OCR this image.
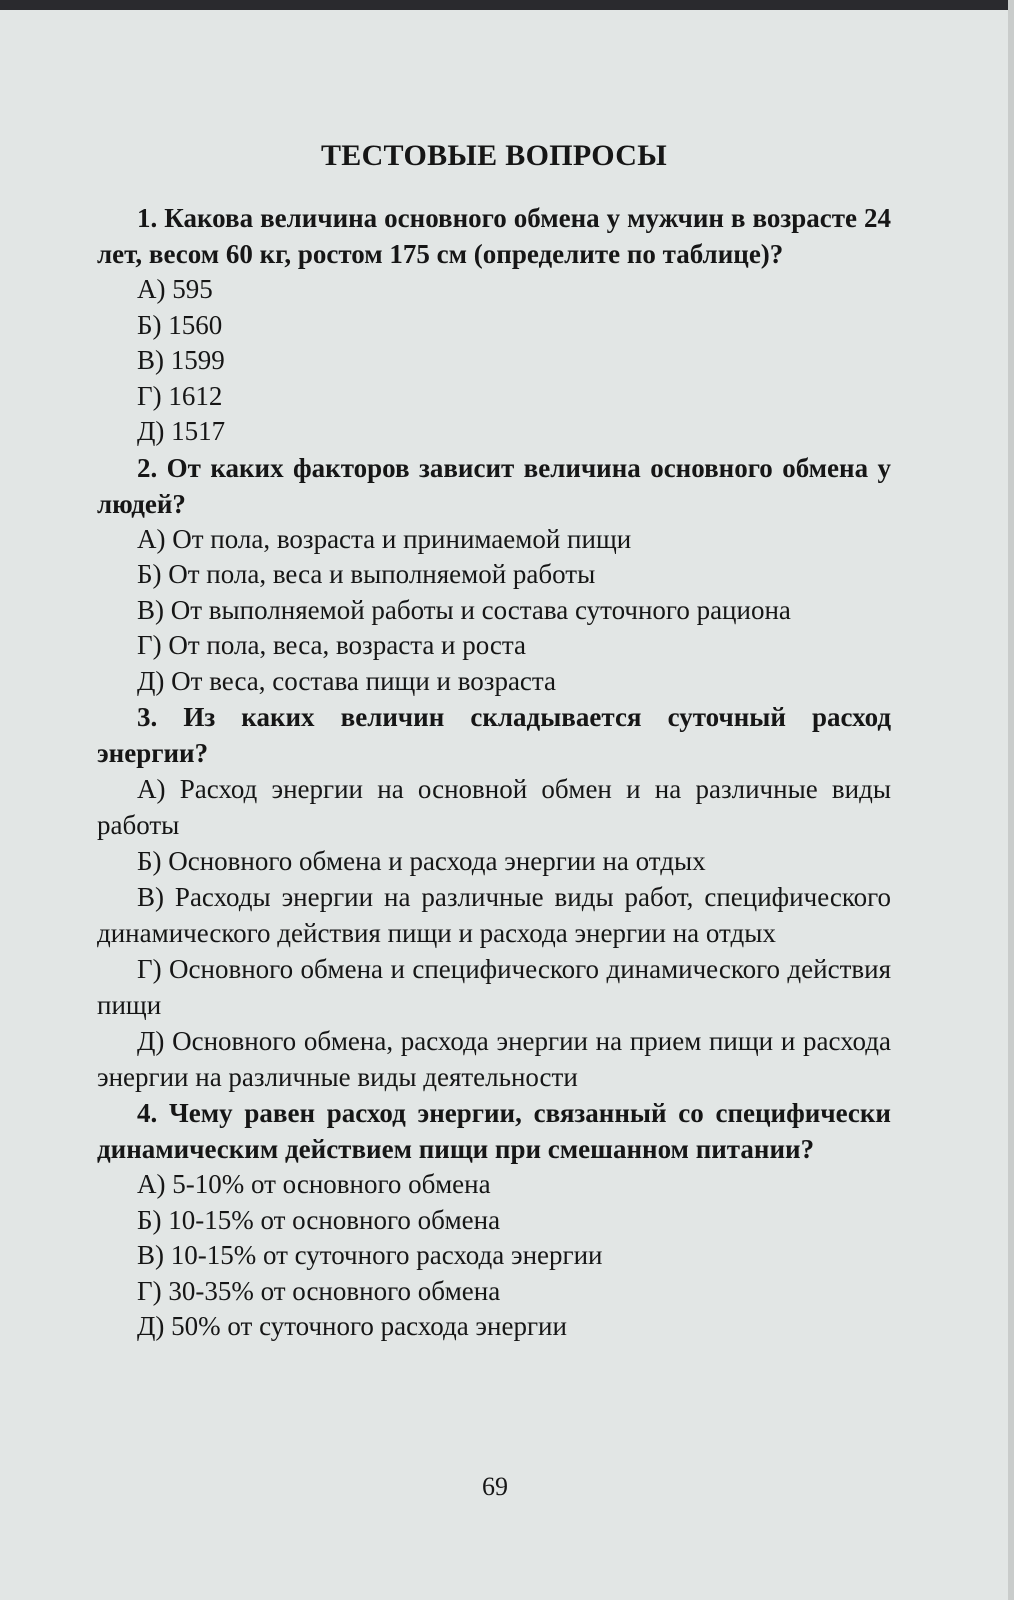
ТЕСТОВЫЕ ВОПРОСЫ

1. Какова величина основного обмена у мужчин в возрасте 24 лет, весом 60 кг, ростом 175 см (определите по таблице)?

А) 595

Б) 1560

В) 1599

Г) 1612

Д) 1517

2. От каких факторов зависит величина основного обмена у людей?

А) От пола, возраста и принимаемой пищи

Б) От пола, веса и выполняемой работы

В) От выполняемой работы и состава суточного рациона

Г) От пола, веса, возраста и роста

Д) От веса, состава пищи и возраста

3. Из каких величин складывается суточный расход энергии?

А) Расход энергии на основной обмен и на различные виды работы

Б) Основного обмена и расхода энергии на отдых

В) Расходы энергии на различные виды работ, специфического динамического действия пищи и расхода энергии на отдых

Г) Основного обмена и специфического динамического действия пищи

Д) Основного обмена, расхода энергии на прием пищи и расхода энергии на различные виды деятельности

4. Чему равен расход энергии, связанный со специфически динамическим действием пищи при смешанном питании?

А) 5-10% от основного обмена

Б) 10-15% от основного обмена

В) 10-15% от суточного расхода энергии

Г) 30-35% от основного обмена

Д) 50% от суточного расхода энергии

69
